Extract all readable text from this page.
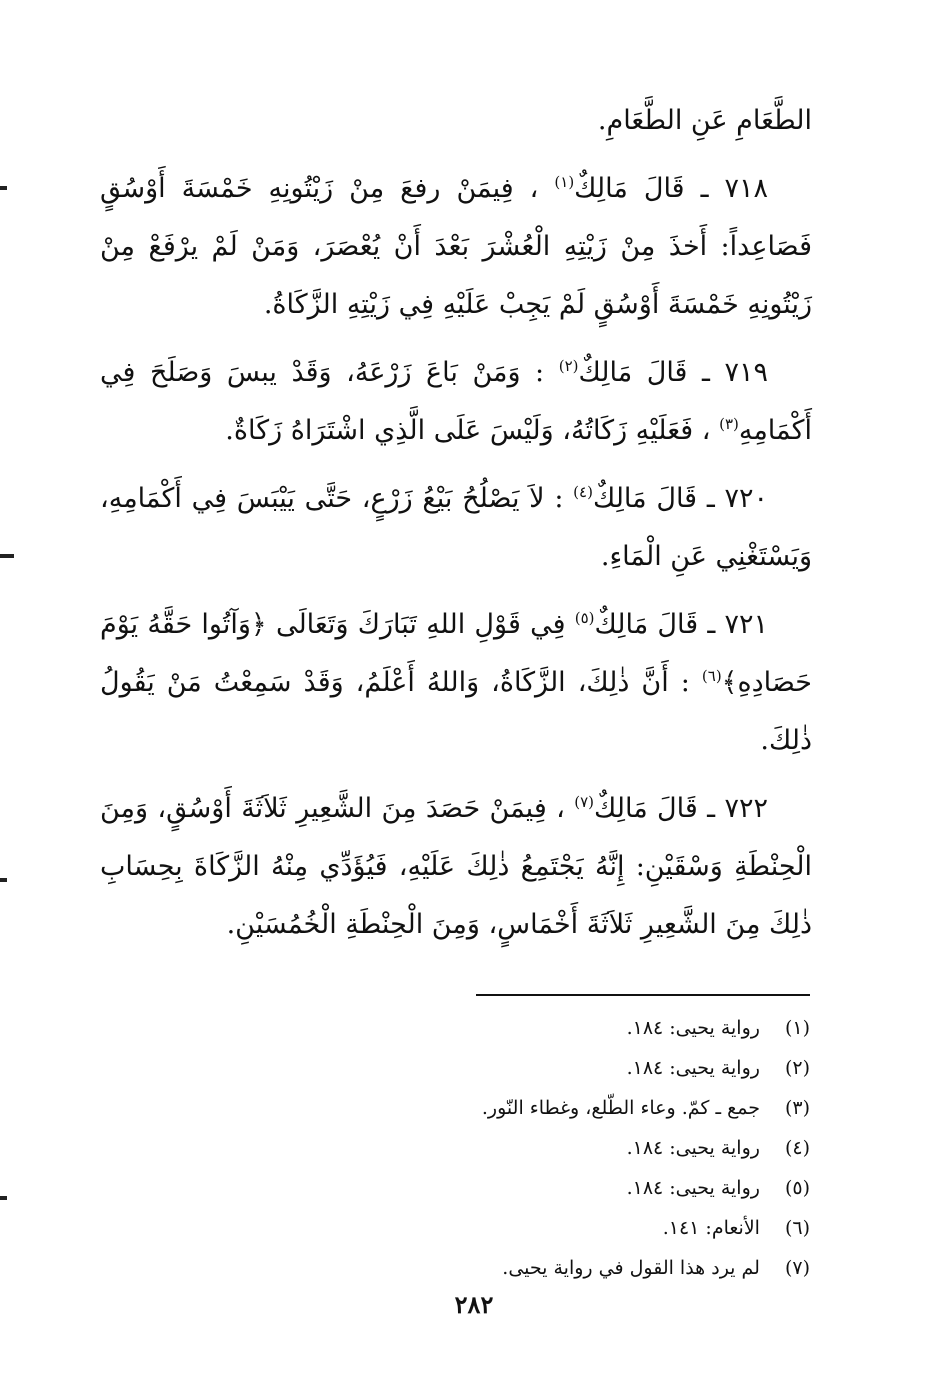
الطَّعَامِ عَنِ الطَّعَامِ.

٧١٨ ـ قَالَ مَالِكٌ$^{(١)}$ ، فِيمَنْ رفعَ مِنْ زَيْتُونِهِ خَمْسَةَ أَوْسُقٍ فَصَاعِداً: أَخذَ مِنْ زَيْتِهِ الْعُشْرَ بَعْدَ أَنْ يُعْصَرَ، وَمَنْ لَمْ يرْفَعْ مِنْ زَيْتُونِهِ خَمْسَةَ أَوْسُقٍ لَمْ يَجِبْ عَلَيْهِ فِي زَيْتِهِ الزَّكَاةُ.

٧١٩ ـ قَالَ مَالِكٌ$^{(٢)}$ : وَمَنْ بَاعَ زَرْعَهُ، وَقَدْ يبسَ وَصَلَحَ فِي أَكْمَامِهِ$^{(٣)}$ ، فَعَلَيْهِ زَكَاتُهُ، وَلَيْسَ عَلَى الَّذِي اشْتَرَاهُ زَكَاةٌ.

٧٢٠ ـ قَالَ مَالِكٌ$^{(٤)}$ : لاَ يَصْلُحُ بَيْعُ زَرْعٍ، حَتَّى يَيْبَسَ فِي أَكْمَامِهِ، وَيَسْتَغْنِي عَنِ الْمَاءِ.

٧٢١ ـ قَالَ مَالِكٌ$^{(٥)}$ فِي قَوْلِ اللهِ تَبَارَكَ وَتَعَالَى ﴿وَآتُوا حَقَّهُ يَوْمَ حَصَادِهِ﴾$^{(٦)}$ : أَنَّ ذٰلِكَ، الزَّكَاةُ، وَاللهُ أَعْلَمُ، وَقَدْ سَمِعْتُ مَنْ يَقُولُ ذٰلِكَ.

٧٢٢ ـ قَالَ مَالِكٌ$^{(٧)}$ ، فِيمَنْ حَصَدَ مِنَ الشَّعِيرِ ثَلاَثَةَ أَوْسُقٍ، وَمِنَ الْحِنْطَةِ وَسْقَيْنِ: إِنَّهُ يَجْتَمِعُ ذٰلِكَ عَلَيْهِ، فَيُؤَدِّي مِنْهُ الزَّكَاةَ بِحِسَابِ ذٰلِكَ مِنَ الشَّعِيرِ ثَلاَثَةَ أَخْمَاسٍ، وَمِنَ الْحِنْطَةِ الْخُمُسَيْنِ.

(١) رواية يحيى: ١٨٤.
(٢) رواية يحيى: ١٨٤.
(٣) جمع ـ كمّ. وعاء الطّلع، وغطاء النّور.
(٤) رواية يحيى: ١٨٤.
(٥) رواية يحيى: ١٨٤.
(٦) الأنعام: ١٤١.
(٧) لم يرد هذا القول في رواية يحيى.
٢٨٢
